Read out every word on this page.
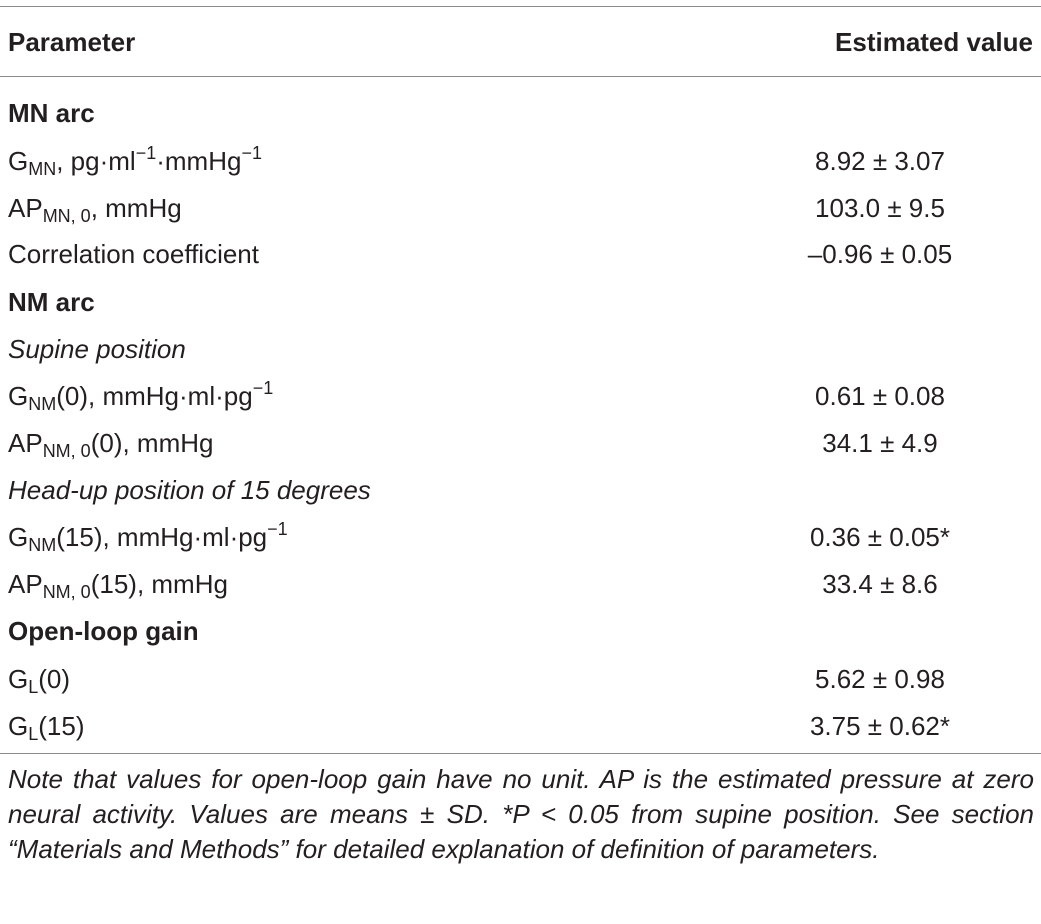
Parameter	Estimated value
MN arc
$G_{MN}$, $pg\cdot ml^{-1}\cdot mmHg^{-1}$	8.92 ± 3.07
$AP_{MN, 0}$, mmHg	103.0 ± 9.5
Correlation coefficient	–0.96 ± 0.05
NM arc
Supine position
$G_{NM}(0)$, $mmHg\cdot ml\cdot pg^{-1}$	0.61 ± 0.08
$AP_{NM, 0}(0)$, mmHg	34.1 ± 4.9
Head-up position of 15 degrees
$G_{NM}(15)$, $mmHg\cdot ml\cdot pg^{-1}$	0.36 ± 0.05*
$AP_{NM, 0}(15)$, mmHg	33.4 ± 8.6
Open-loop gain
$G_L(0)$	5.62 ± 0.98
$G_L(15)$	3.75 ± 0.62*
Note that values for open-loop gain have no unit. AP is the estimated pressure at zero neural activity. Values are means ± SD. *P < 0.05 from supine position. See section “Materials and Methods” for detailed explanation of definition of parameters.
